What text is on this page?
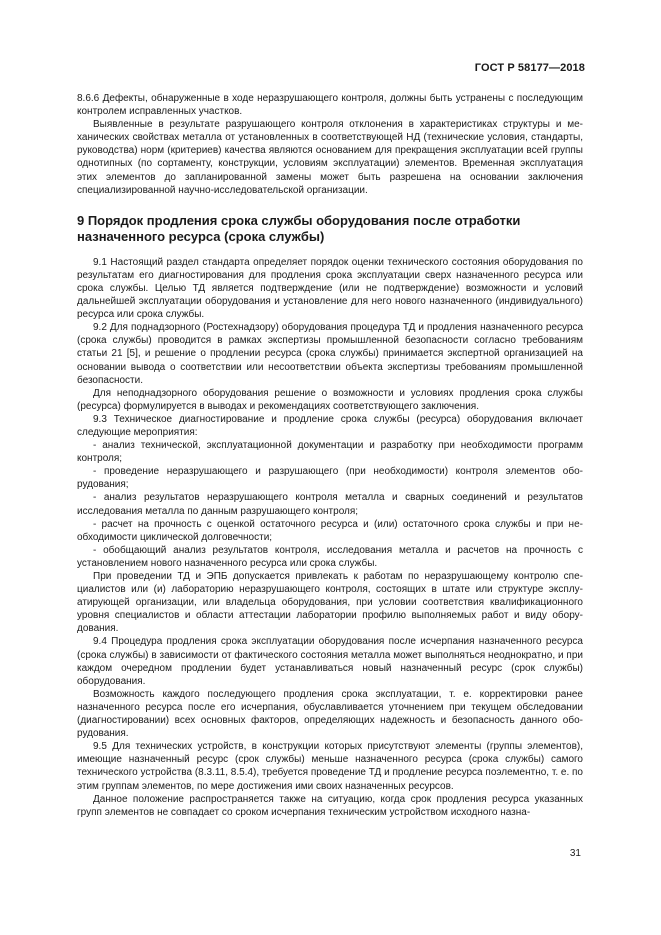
ГОСТ Р 58177—2018

8.6.6 Дефекты, обнаруженные в ходе неразрушающего контроля, должны быть устранены с последующим контролем исправленных участков.

Выявленные в результате разрушающего контроля отклонения в характеристиках структуры и механических свойствах металла от установленных в соответствующей НД (технические условия, стандарты, руководства) норм (критериев) качества являются основанием для прекращения эксплуатации всей группы однотипных (по сортаменту, конструкции, условиям эксплуатации) элементов. Временная эксплуатация этих элементов до запланированной замены может быть разрешена на основании заключения специализированной научно-исследовательской организации.

9 Порядок продления срока службы оборудования после отработки назначенного ресурса (срока службы)

9.1 Настоящий раздел стандарта определяет порядок оценки технического состояния оборудования по результатам его диагностирования для продления срока эксплуатации сверх назначенного ресурса или срока службы. Целью ТД является подтверждение (или не подтверждение) возможности и условий дальнейшей эксплуатации оборудования и установление для него нового назначенного (индивидуального) ресурса или срока службы.

9.2 Для поднадзорного (Ростехнадзору) оборудования процедура ТД и продления назначенного ресурса (срока службы) проводится в рамках экспертизы промышленной безопасности согласно требованиям статьи 21 [5], и решение о продлении ресурса (срока службы) принимается экспертной организацией на основании вывода о соответствии или несоответствии объекта экспертизы требованиям промышленной безопасности.

Для неподнадзорного оборудования решение о возможности и условиях продления срока службы (ресурса) формулируется в выводах и рекомендациях соответствующего заключения.

9.3 Техническое диагностирование и продление срока службы (ресурса) оборудования включает следующие мероприятия:

- анализ технической, эксплуатационной документации и разработку при необходимости программ контроля;

- проведение неразрушающего и разрушающего (при необходимости) контроля элементов оборудования;

- анализ результатов неразрушающего контроля металла и сварных соединений и результатов исследования металла по данным разрушающего контроля;

- расчет на прочность с оценкой остаточного ресурса и (или) остаточного срока службы и при необходимости циклической долговечности;

- обобщающий анализ результатов контроля, исследования металла и расчетов на прочность с установлением нового назначенного ресурса или срока службы.

При проведении ТД и ЭПБ допускается привлекать к работам по неразрушающему контролю специалистов или (и) лабораторию неразрушающего контроля, состоящих в штате или структуре эксплуатирующей организации, или владельца оборудования, при условии соответствия квалификационного уровня специалистов и области аттестации лаборатории профилю выполняемых работ и виду оборудования.

9.4 Процедура продления срока эксплуатации оборудования после исчерпания назначенного ресурса (срока службы) в зависимости от фактического состояния металла может выполняться неоднократно, и при каждом очередном продлении будет устанавливаться новый назначенный ресурс (срок службы) оборудования.

Возможность каждого последующего продления срока эксплуатации, т. е. корректировки ранее назначенного ресурса после его исчерпания, обуславливается уточнением при текущем обследовании (диагностировании) всех основных факторов, определяющих надежность и безопасность данного оборудования.

9.5 Для технических устройств, в конструкции которых присутствуют элементы (группы элементов), имеющие назначенный ресурс (срок службы) меньше назначенного ресурса (срока службы) самого технического устройства (8.3.11, 8.5.4), требуется проведение ТД и продление ресурса поэлементно, т. е. по этим группам элементов, по мере достижения ими своих назначенных ресурсов.

Данное положение распространяется также на ситуацию, когда срок продления ресурса указанных групп элементов не совпадает со сроком исчерпания техническим устройством исходного назна-

31
